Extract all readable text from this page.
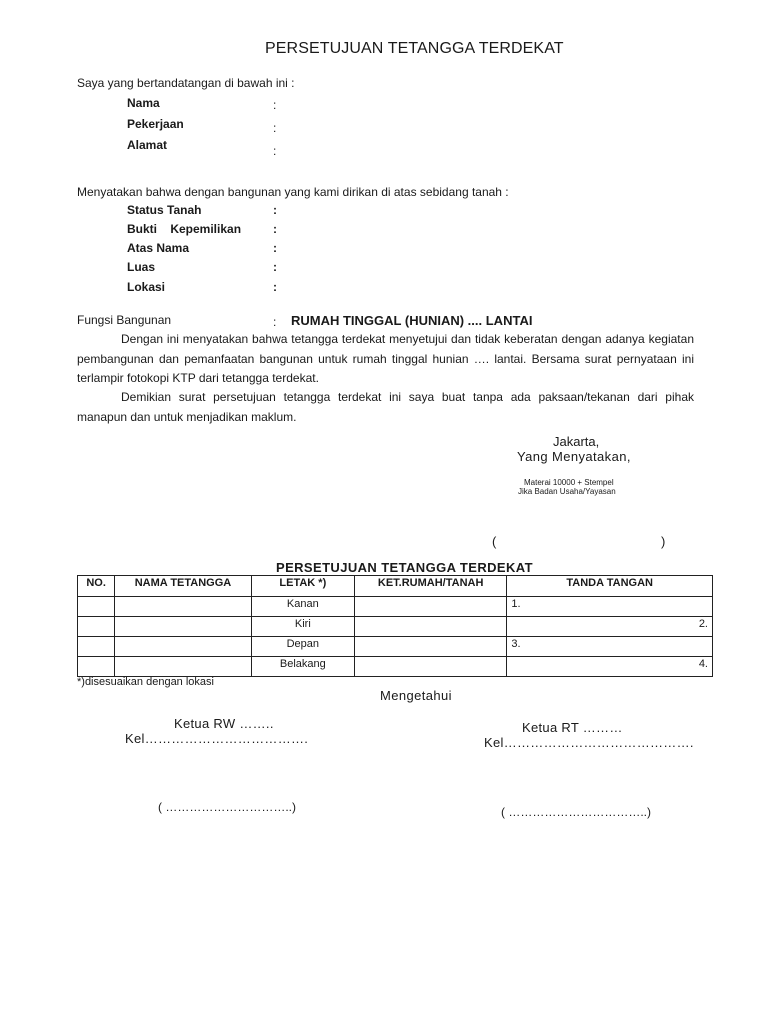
PERSETUJUAN TETANGGA TERDEKAT
Saya yang bertandatangan di bawah ini :
Nama	:
Pekerjaan	:
Alamat	:
Menyatakan bahwa dengan bangunan yang kami dirikan di atas sebidang tanah :
Status Tanah	:
Bukti    Kepemilikan	:
Atas Nama	:
Luas	:
Lokasi	:
Fungsi Bangunan	: RUMAH TINGGAL (HUNIAN) .... LANTAI
Dengan ini menyatakan bahwa tetangga terdekat menyetujui dan tidak keberatan dengan adanya kegiatan pembangunan dan pemanfaatan bangunan untuk rumah tinggal hunian …. lantai. Bersama surat pernyataan ini terlampir fotokopi KTP dari tetangga terdekat.
Demikian surat persetujuan tetangga terdekat ini saya buat tanpa ada paksaan/tekanan dari pihak manapun dan untuk menjadikan maklum.
Jakarta,
Yang Menyatakan,
Materai 10000 + Stempel
Jika Badan Usaha/Yayasan
(	)
PERSETUJUAN TETANGGA TERDEKAT
NO.	NAMA TETANGGA	LETAK *)	KET.RUMAH/TANAH	TANDA TANGAN
		Kanan		1.
		Kiri		2.
		Depan		3.
		Belakang		4.
*)disesuaikan dengan lokasi
Mengetahui
Ketua RW ……..
Kel……………………………….
( …………………………..)
Ketua RT ………
Kel…………………………………….
( ……………………………..)
